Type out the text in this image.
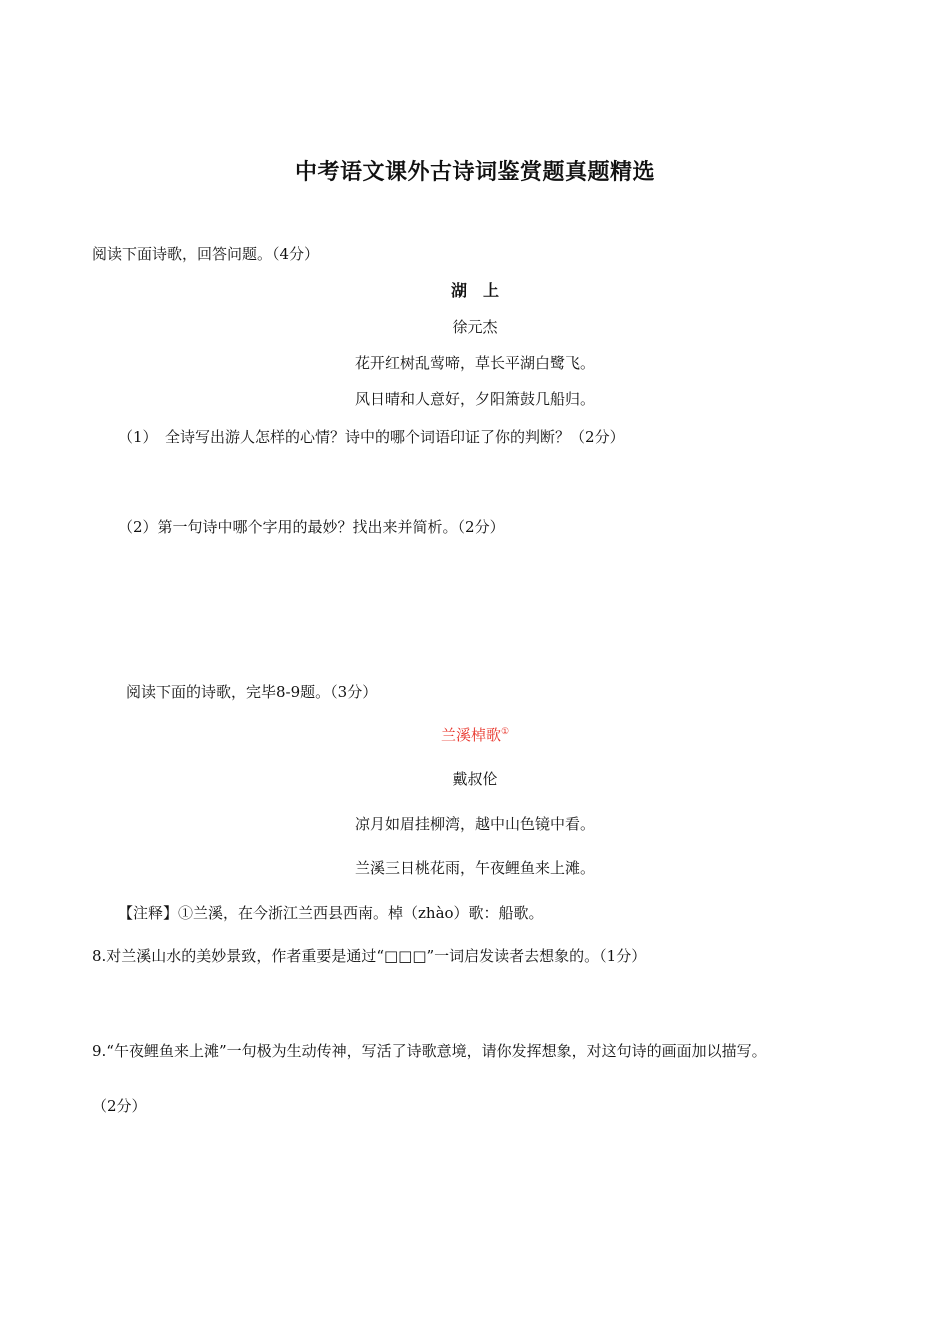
中考语文课外古诗词鉴赏题真题精选
阅读下面诗歌，回答问题。（4分）
湖　上
徐元杰
花开红树乱莺啼，草长平湖白鹭飞。
风日晴和人意好，夕阳箫鼓几船归。
（1）　全诗写出游人怎样的心情？诗中的哪个词语印证了你的判断？（2分）
（2）第一句诗中哪个字用的最妙？找出来并简析。（2分）
阅读下面的诗歌，完毕8-9题。（3分）
兰溪棹歌①
戴叔伦
凉月如眉挂柳湾，越中山色镜中看。
兰溪三日桃花雨，午夜鲤鱼来上滩。
【注释】①兰溪，在今浙江兰西县西南。棹（zhào）歌：船歌。
8.对兰溪山水的美妙景致，作者重要是通过“□□□”一词启发读者去想象的。（1分）
9.“午夜鲤鱼来上滩”一句极为生动传神，写活了诗歌意境，请你发挥想象，对这句诗的画面加以描写。
（2分）
